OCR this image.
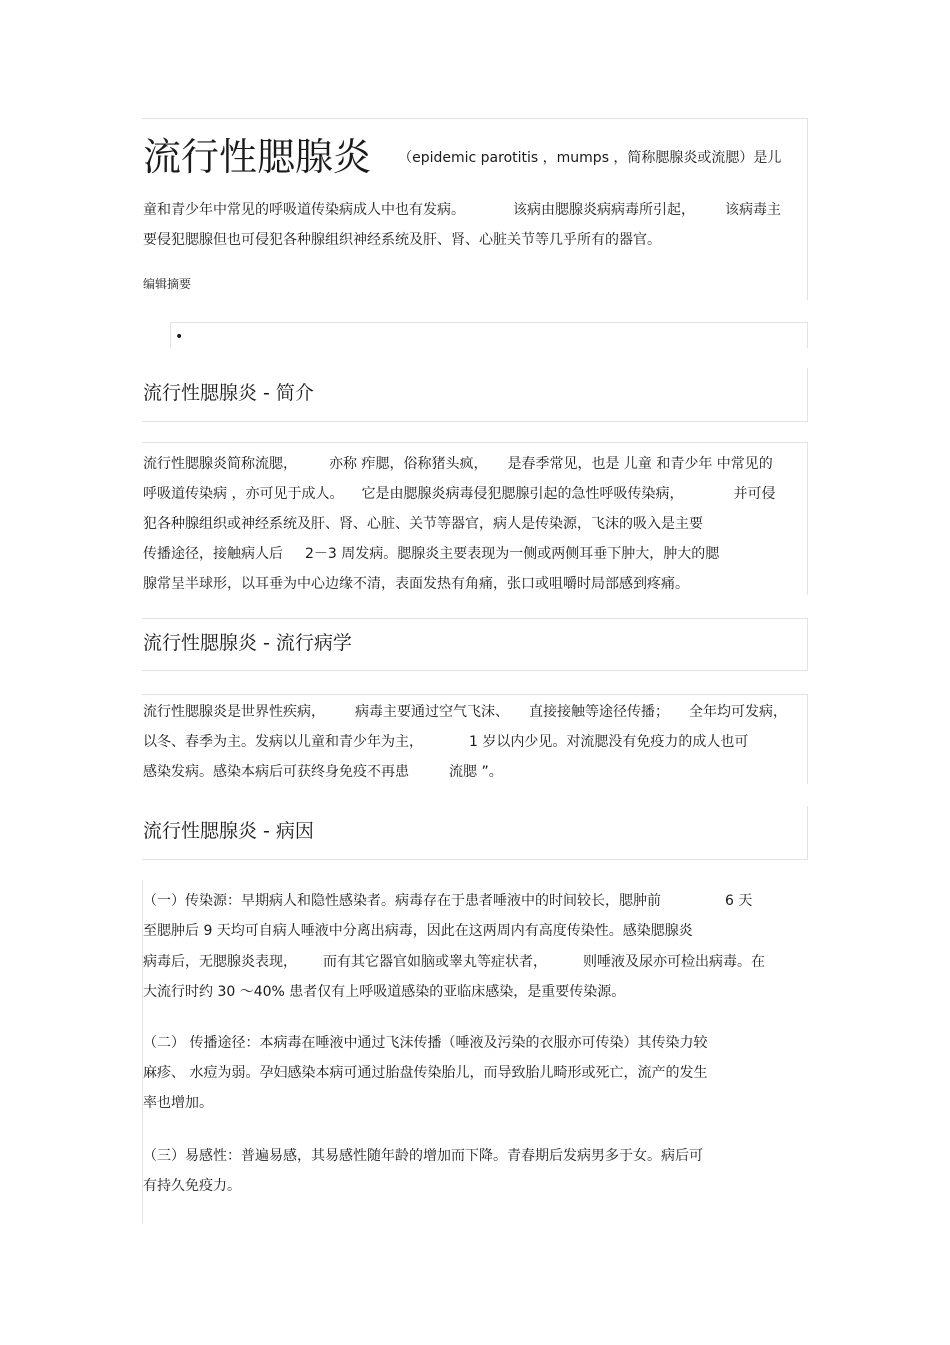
流行性腮腺炎 （epidemic parotitis ，mumps ，简称腮腺炎或流腮）是儿
童和青少年中常见的呼吸道传染病成人中也有发病。	该病由腮腺炎病病毒所引起， 该病毒主
要侵犯腮腺但也可侵犯各种腺组织神经系统及肝、肾、心脏关节等几乎所有的器官。
编辑摘要
•
流行性腮腺炎 - 简介
流行性腮腺炎简称流腮， 亦称 痄腮，俗称猪头疯， 是春季常见，也是 儿童 和青少年 中常见的
呼吸道传染病 ，亦可见于成人。 它是由腮腺炎病毒侵犯腮腺引起的急性呼吸传染病，	并可侵
犯各种腺组织或神经系统及肝、肾、心脏、关节等器官，病人是传染源，飞沫的吸入是主要
传播途径，接触病人后 2－3 周发病。腮腺炎主要表现为一侧或两侧耳垂下肿大，肿大的腮
腺常呈半球形，以耳垂为中心边缘不清，表面发热有角痛，张口或咀嚼时局部感到疼痛。
流行性腮腺炎 - 流行病学
流行性腮腺炎是世界性疾病， 病毒主要通过空气飞沫、 直接接触等途径传播； 全年均可发病，
以冬、春季为主。发病以儿童和青少年为主，	1 岁以内少见。对流腮没有免疫力的成人也可
感染发病。感染本病后可获终身免疫不再患	流腮 ”。
流行性腮腺炎 - 病因
（一）传染源：早期病人和隐性感染者。病毒存在于患者唾液中的时间较长，腮肿前	6 天
至腮肿后 9 天均可自病人唾液中分离出病毒，因此在这两周内有高度传染性。感染腮腺炎
病毒后，无腮腺炎表现， 而有其它器官如脑或睾丸等症状者，	则唾液及尿亦可检出病毒。在
大流行时约 30 ～40% 患者仅有上呼吸道感染的亚临床感染，是重要传染源。
（二） 传播途径：本病毒在唾液中通过飞沫传播（唾液及污染的衣服亦可传染）其传染力较
麻疹、 水痘为弱。孕妇感染本病可通过胎盘传染胎儿，而导致胎儿畸形或死亡，流产的发生
率也增加。
（三）易感性：普遍易感，其易感性随年龄的增加而下降。青春期后发病男多于女。病后可
有持久免疫力。
